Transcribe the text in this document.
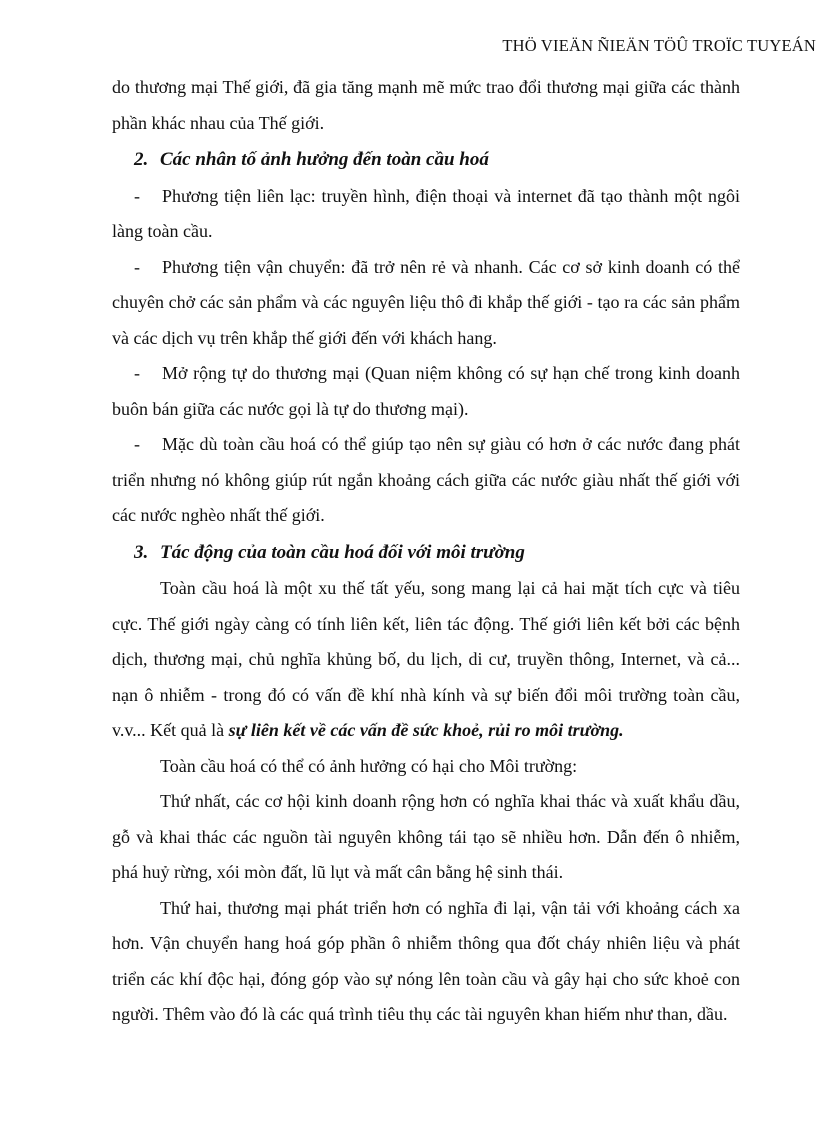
THÖ VIEÄN ÑIEÄN TÖÛ TROÏC TUYEÁN

do thương mại Thế giới, đã gia tăng mạnh mẽ mức trao đổi thương mại giữa các thành phần khác nhau của Thế giới.

2. Các nhân tố ảnh hưởng đến toàn cầu hoá

- Phương tiện liên lạc: truyền hình, điện thoại và internet đã tạo thành một ngôi làng toàn cầu.

- Phương tiện vận chuyển: đã trở nên rẻ và nhanh. Các cơ sở kinh doanh có thể chuyên chở các sản phẩm và các nguyên liệu thô đi khắp thế giới - tạo ra các sản phẩm và các dịch vụ trên khắp thế giới đến với khách hang.

- Mở rộng tự do thương mại (Quan niệm không có sự hạn chế trong kinh doanh buôn bán giữa các nước gọi là tự do thương mại).

- Mặc dù toàn cầu hoá có thể giúp tạo nên sự giàu có hơn ở các nước đang phát triển nhưng nó không giúp rút ngắn khoảng cách giữa các nước giàu nhất thế giới với các nước nghèo nhất thế giới.

3. Tác động của toàn cầu hoá đối với môi trường

Toàn cầu hoá là một xu thế tất yếu, song mang lại cả hai mặt tích cực và tiêu cực. Thế giới ngày càng có tính liên kết, liên tác động. Thế giới liên kết bởi các bệnh dịch, thương mại, chủ nghĩa khủng bố, du lịch, di cư, truyền thông, Internet, và cả... nạn ô nhiễm - trong đó có vấn đề khí nhà kính và sự biến đổi môi trường toàn cầu, v.v... Kết quả là sự liên kết về các vấn đề sức khoẻ, rủi ro môi trường.

Toàn cầu hoá có thể có ảnh hưởng có hại cho Môi trường:

Thứ nhất, các cơ hội kinh doanh rộng hơn có nghĩa khai thác và xuất khẩu dầu, gỗ và khai thác các nguồn tài nguyên không tái tạo sẽ nhiều hơn. Dẫn đến ô nhiễm, phá huỷ rừng, xói mòn đất, lũ lụt và mất cân bằng hệ sinh thái.

Thứ hai, thương mại phát triển hơn có nghĩa đi lại, vận tải với khoảng cách xa hơn. Vận chuyển hang hoá góp phần ô nhiễm thông qua đốt cháy nhiên liệu và phát triển các khí độc hại, đóng góp vào sự nóng lên toàn cầu và gây hại cho sức khoẻ con người. Thêm vào đó là các quá trình tiêu thụ các tài nguyên khan hiếm như than, dầu.
